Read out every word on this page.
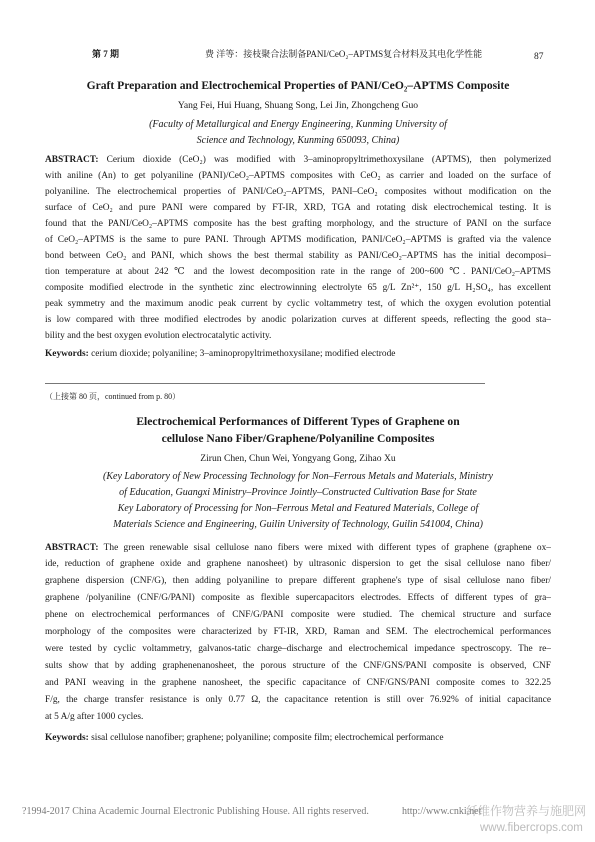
第 7 期	费 洋等：接枝聚合法制备PANI/CeO₂–APTMS复合材料及其电化学性能	87
Graft Preparation and Electrochemical Properties of PANI/CeO₂–APTMS Composite
Yang Fei, Hui Huang, Shuang Song, Lei Jin, Zhongcheng Guo
(Faculty of Metallurgical and Energy Engineering, Kunming University of
Science and Technology, Kunming 650093, China)
ABSTRACT: Cerium dioxide (CeO₂) was modified with 3–aminopropyltrimethoxysilane (APTMS), then polymerized
with aniline (An) to get polyaniline (PANI)/CeO₂–APTMS composites with CeO₂ as carrier and loaded on the surface of
polyaniline. The electrochemical properties of PANI/CeO₂–APTMS, PANI–CeO₂ composites without modification on the
surface of CeO₂ and pure PANI were compared by FT-IR, XRD, TGA and rotating disk electrochemical testing. It is
found that the PANI/CeO₂–APTMS composite has the best grafting morphology, and the structure of PANI on the surface
of CeO₂–APTMS is the same to pure PANI. Through APTMS modification, PANI/CeO₂–APTMS is grafted via the valence
bond between CeO₂ and PANI, which shows the best thermal stability as PANI/CeO₂–APTMS has the initial decomposi–
tion temperature at about 242 ℃ and the lowest decomposition rate in the range of 200~600 ℃. PANI/CeO₂–APTMS
composite modified electrode in the synthetic zinc electrowinning electrolyte 65 g/L Zn²⁺, 150 g/L H₂SO₄, has excellent
peak symmetry and the maximum anodic peak current by cyclic voltammetry test, of which the oxygen evolution potential
is low compared with three modified electrodes by anodic polarization curves at different speeds, reflecting the good sta–
bility and the best oxygen evolution electrocatalytic activity.
Keywords: cerium dioxide; polyaniline; 3–aminopropyltrimethoxysilane; modified electrode
（上接第 80 页，continued from p. 80）
Electrochemical Performances of Different Types of Graphene on
cellulose Nano Fiber/Graphene/Polyaniline Composites
Zirun Chen, Chun Wei, Yongyang Gong, Zihao Xu
(Key Laboratory of New Processing Technology for Non–Ferrous Metals and Materials, Ministry
of Education, Guangxi Ministry–Province Jointly–Constructed Cultivation Base for State
Key Laboratory of Processing for Non–Ferrous Metal and Featured Materials, College of
Materials Science and Engineering, Guilin University of Technology, Guilin 541004, China)
ABSTRACT: The green renewable sisal cellulose nano fibers were mixed with different types of graphene (graphene ox–
ide, reduction of graphene oxide and graphene nanosheet) by ultrasonic dispersion to get the sisal cellulose nano fiber/
graphene dispersion (CNF/G), then adding polyaniline to prepare different graphene's type of sisal cellulose nano fiber/
graphene /polyaniline (CNF/G/PANI) composite as flexible supercapacitors electrodes. Effects of different types of gra–
phene on electrochemical performances of CNF/G/PANI composite were studied. The chemical structure and surface
morphology of the composites were characterized by FT-IR, XRD, Raman and SEM. The electrochemical performances
were tested by cyclic voltammetry, galvanos-tatic charge–discharge and electrochemical impedance spectroscopy. The re–
sults show that by adding graphenenanosheet, the porous structure of the CNF/GNS/PANI composite is observed, CNF
and PANI weaving in the graphene nanosheet, the specific capacitance of CNF/GNS/PANI composite comes to 322.25
F/g, the charge transfer resistance is only 0.77 Ω, the capacitance retention is still over 76.92% of initial capacitance
at 5 A/g after 1000 cycles.
Keywords: sisal cellulose nanofiber; graphene; polyaniline; composite film; electrochemical performance
?1994-2017 China Academic Journal Electronic Publishing House. All rights reserved.	http://www.cnki.net
纤维作物营养与施肥网
www.fibercrops.com
